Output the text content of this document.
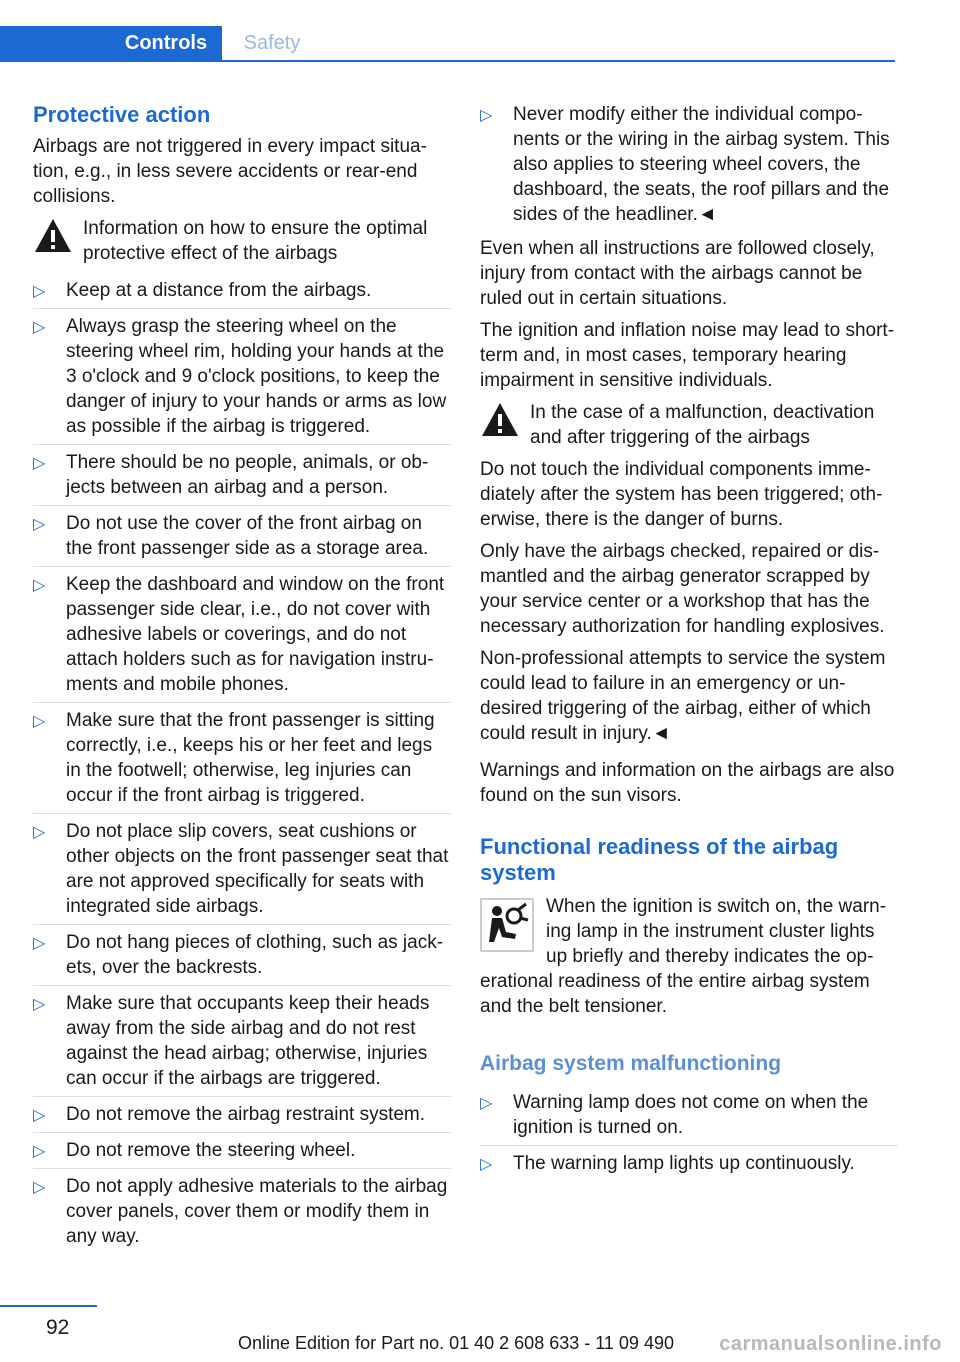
Controls	Safety
Protective action

Airbags are not triggered in every impact situation, e.g., in less severe accidents or rear-end collisions.

Information on how to ensure the optimal protective effect of the airbags
▷ Keep at a distance from the airbags.
▷ Always grasp the steering wheel on the steering wheel rim, holding your hands at the 3 o'clock and 9 o'clock positions, to keep the danger of injury to your hands or arms as low as possible if the airbag is triggered.
▷ There should be no people, animals, or objects between an airbag and a person.
▷ Do not use the cover of the front airbag on the front passenger side as a storage area.
▷ Keep the dashboard and window on the front passenger side clear, i.e., do not cover with adhesive labels or coverings, and do not attach holders such as for navigation instruments and mobile phones.
▷ Make sure that the front passenger is sitting correctly, i.e., keeps his or her feet and legs in the footwell; otherwise, leg injuries can occur if the front airbag is triggered.
▷ Do not place slip covers, seat cushions or other objects on the front passenger seat that are not approved specifically for seats with integrated side airbags.
▷ Do not hang pieces of clothing, such as jackets, over the backrests.
▷ Make sure that occupants keep their heads away from the side airbag and do not rest against the head airbag; otherwise, injuries can occur if the airbags are triggered.
▷ Do not remove the airbag restraint system.
▷ Do not remove the steering wheel.
▷ Do not apply adhesive materials to the airbag cover panels, cover them or modify them in any way.
▷ Never modify either the individual components or the wiring in the airbag system. This also applies to steering wheel covers, the dashboard, the seats, the roof pillars and the sides of the headliner.◄

Even when all instructions are followed closely, injury from contact with the airbags cannot be ruled out in certain situations.

The ignition and inflation noise may lead to short-term and, in most cases, temporary hearing impairment in sensitive individuals.

In the case of a malfunction, deactivation and after triggering of the airbags

Do not touch the individual components immediately after the system has been triggered; otherwise, there is the danger of burns.

Only have the airbags checked, repaired or dismantled and the airbag generator scrapped by your service center or a workshop that has the necessary authorization for handling explosives.

Non-professional attempts to service the system could lead to failure in an emergency or undesired triggering of the airbag, either of which could result in injury.◄

Warnings and information on the airbags are also found on the sun visors.

Functional readiness of the airbag system
When the ignition is switch on, the warning lamp in the instrument cluster lights up briefly and thereby indicates the operational readiness of the entire airbag system and the belt tensioner.
Airbag system malfunctioning
▷ Warning lamp does not come on when the ignition is turned on.
▷ The warning lamp lights up continuously.
92
Online Edition for Part no. 01 40 2 608 633 - 11 09 490 carmanualsonline.info
